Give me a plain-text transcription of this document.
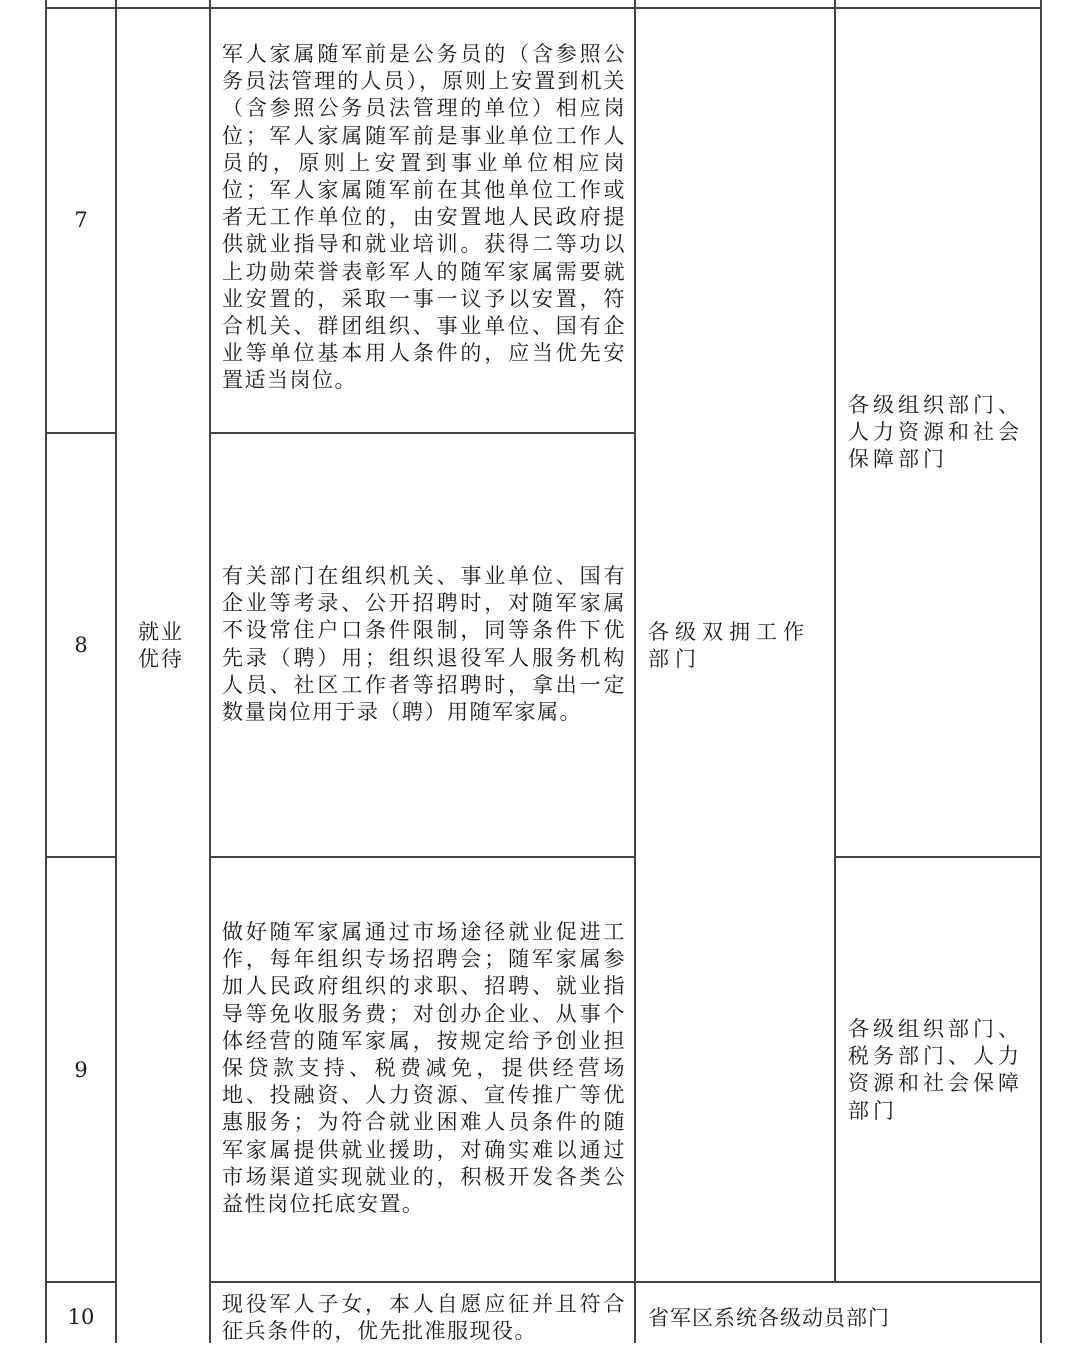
7
8
9
10
就业优待
军人家属随军前是公务员的（含参照公务员法管理的人员），原则上安置到机关（含参照公务员法管理的单位）相应岗位；军人家属随军前是事业单位工作人员的，原则上安置到事业单位相应岗位；军人家属随军前在其他单位工作或者无工作单位的，由安置地人民政府提供就业指导和就业培训。获得二等功以上功勋荣誉表彰军人的随军家属需要就业安置的，采取一事一议予以安置，符合机关、群团组织、事业单位、国有企业等单位基本用人条件的，应当优先安置适当岗位。
有关部门在组织机关、事业单位、国有企业等考录、公开招聘时，对随军家属不设常住户口条件限制，同等条件下优先录（聘）用；组织退役军人服务机构人员、社区工作者等招聘时，拿出一定数量岗位用于录（聘）用随军家属。
做好随军家属通过市场途径就业促进工作，每年组织专场招聘会；随军家属参加人民政府组织的求职、招聘、就业指导等免收服务费；对创办企业、从事个体经营的随军家属，按规定给予创业担保贷款支持、税费减免，提供经营场地、投融资、人力资源、宣传推广等优惠服务；为符合就业困难人员条件的随军家属提供就业援助，对确实难以通过市场渠道实现就业的，积极开发各类公益性岗位托底安置。
现役军人子女，本人自愿应征并且符合征兵条件的，优先批准服现役。
各级双拥工作部门
省军区系统各级动员部门
各级组织部门、人力资源和社会保障部门
各级组织部门、税务部门、人力资源和社会保障部门
